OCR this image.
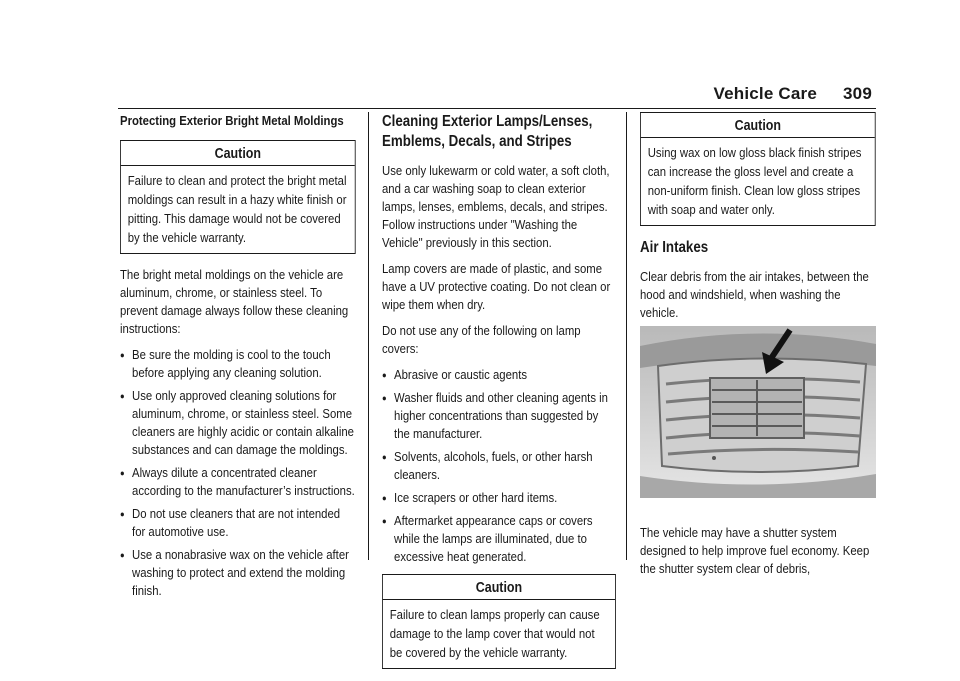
Vehicle Care 309
Protecting Exterior Bright Metal Moldings
Caution
Failure to clean and protect the bright metal moldings can result in a hazy white finish or pitting. This damage would not be covered by the vehicle warranty.

The bright metal moldings on the vehicle are aluminum, chrome, or stainless steel. To prevent damage always follow these cleaning instructions:

● Be sure the molding is cool to the touch before applying any cleaning solution.
● Use only approved cleaning solutions for aluminum, chrome, or stainless steel. Some cleaners are highly acidic or contain alkaline substances and can damage the moldings.
● Always dilute a concentrated cleaner according to the manufacturer’s instructions.
● Do not use cleaners that are not intended for automotive use.
● Use a nonabrasive wax on the vehicle after washing to protect and extend the molding finish.
Cleaning Exterior Lamps/Lenses, Emblems, Decals, and Stripes

Use only lukewarm or cold water, a soft cloth, and a car washing soap to clean exterior lamps, lenses, emblems, decals, and stripes. Follow instructions under "Washing the Vehicle" previously in this section.

Lamp covers are made of plastic, and some have a UV protective coating. Do not clean or wipe them when dry.

Do not use any of the following on lamp covers:

● Abrasive or caustic agents
● Washer fluids and other cleaning agents in higher concentrations than suggested by the manufacturer.
● Solvents, alcohols, fuels, or other harsh cleaners.
● Ice scrapers or other hard items.
● Aftermarket appearance caps or covers while the lamps are illuminated, due to excessive heat generated.
Caution
Failure to clean lamps properly can cause damage to the lamp cover that would not be covered by the vehicle warranty.
Caution
Using wax on low gloss black finish stripes can increase the gloss level and create a non-uniform finish. Clean low gloss stripes with soap and water only.
Air Intakes

Clear debris from the air intakes, between the hood and windshield, when washing the vehicle.

The vehicle may have a shutter system designed to help improve fuel economy. Keep the shutter system clear of debris,
